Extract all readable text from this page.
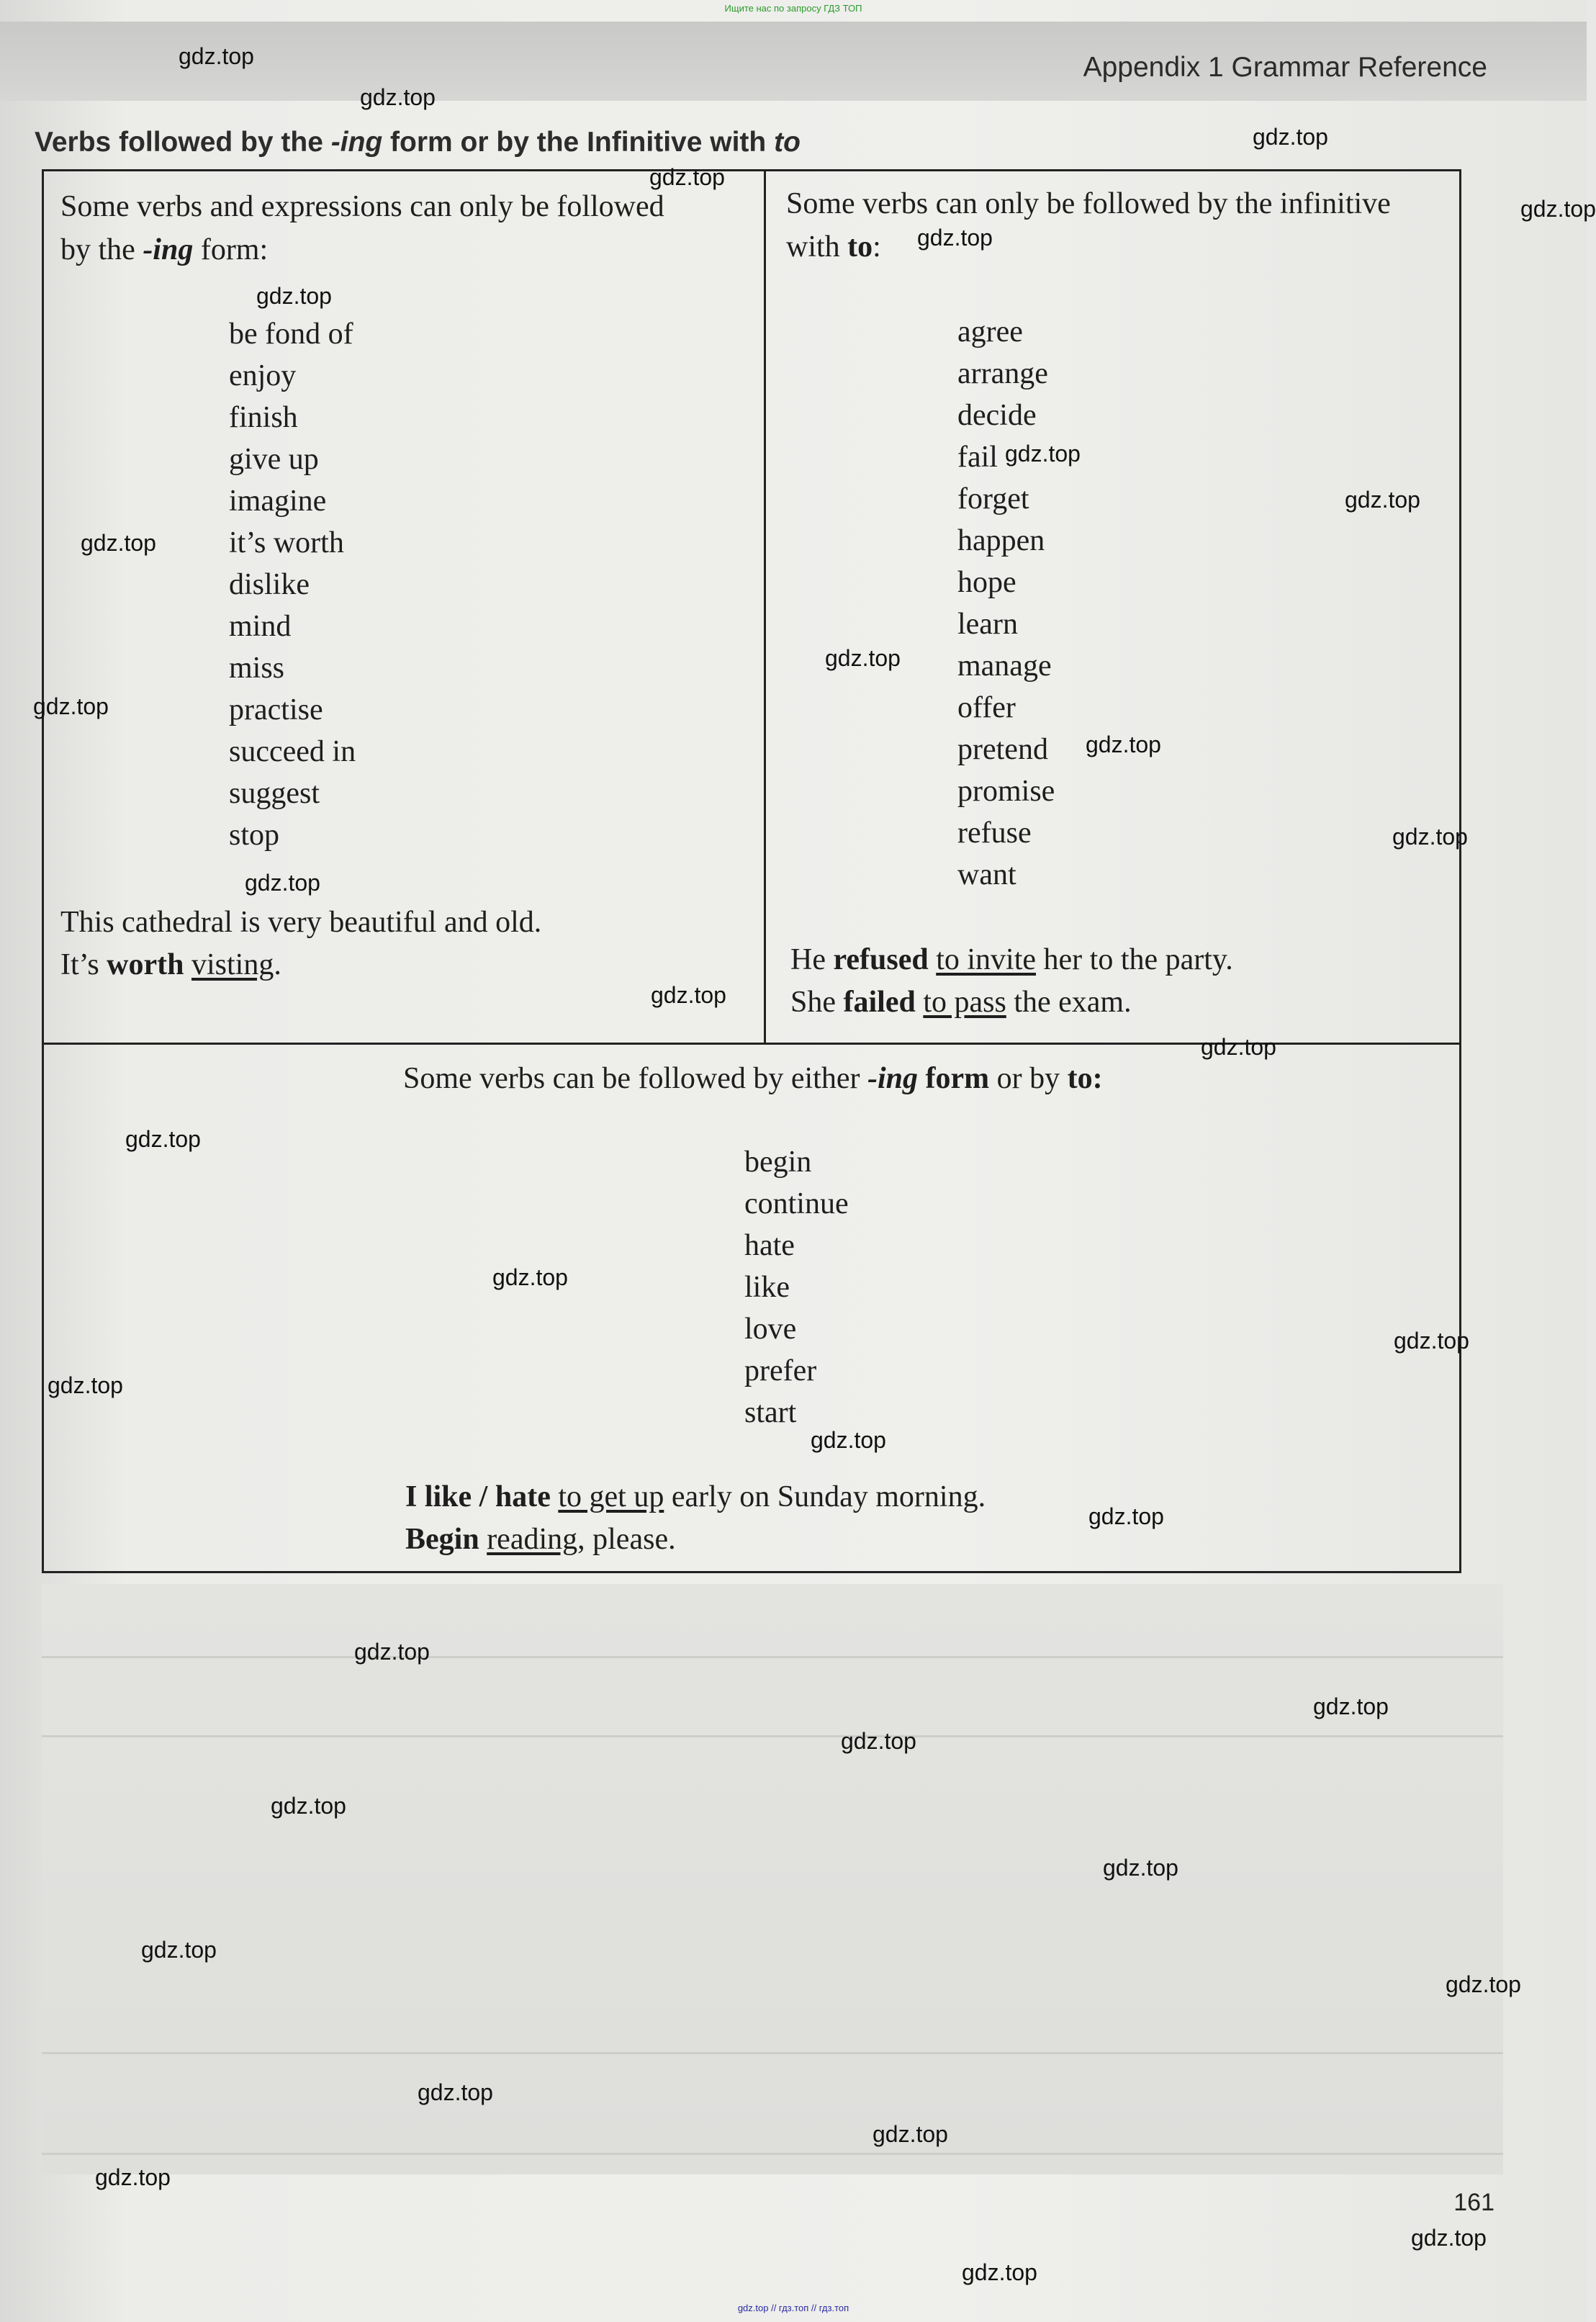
Ищите нас по запросу ГДЗ ТОП
Appendix 1 Grammar Reference
Verbs followed by the -ing form or by the Infinitive with to
Some verbs and expressions can only be followed
by the -ing form:
be fond of
enjoy
finish
give up
imagine
it’s worth
dislike
mind
miss
practise
succeed in
suggest
stop
This cathedral is very beautiful and old.
It’s worth visting.
Some verbs can only be followed by the infinitive
with to:
agree
arrange
decide
fail
forget
happen
hope
learn
manage
offer
pretend
promise
refuse
want
He refused to invite her to the party.
She failed to pass the exam.
Some verbs can be followed by either -ing form or by to:
begin
continue
hate
like
love
prefer
start
I like / hate to get up early on Sunday morning.
Begin reading, please.
gdz.top
gdz.top
gdz.top
gdz.top
gdz.top
gdz.top
gdz.top
gdz.top
gdz.top
gdz.top
gdz.top
gdz.top
gdz.top
gdz.top
gdz.top
gdz.top
gdz.top
gdz.top
gdz.top
gdz.top
gdz.top
gdz.top
gdz.top
gdz.top
gdz.top
gdz.top
gdz.top
gdz.top
gdz.top
gdz.top
gdz.top
gdz.top
gdz.top
gdz.top
gdz.top
161
gdz.top // гдз.топ // гдз.топ
